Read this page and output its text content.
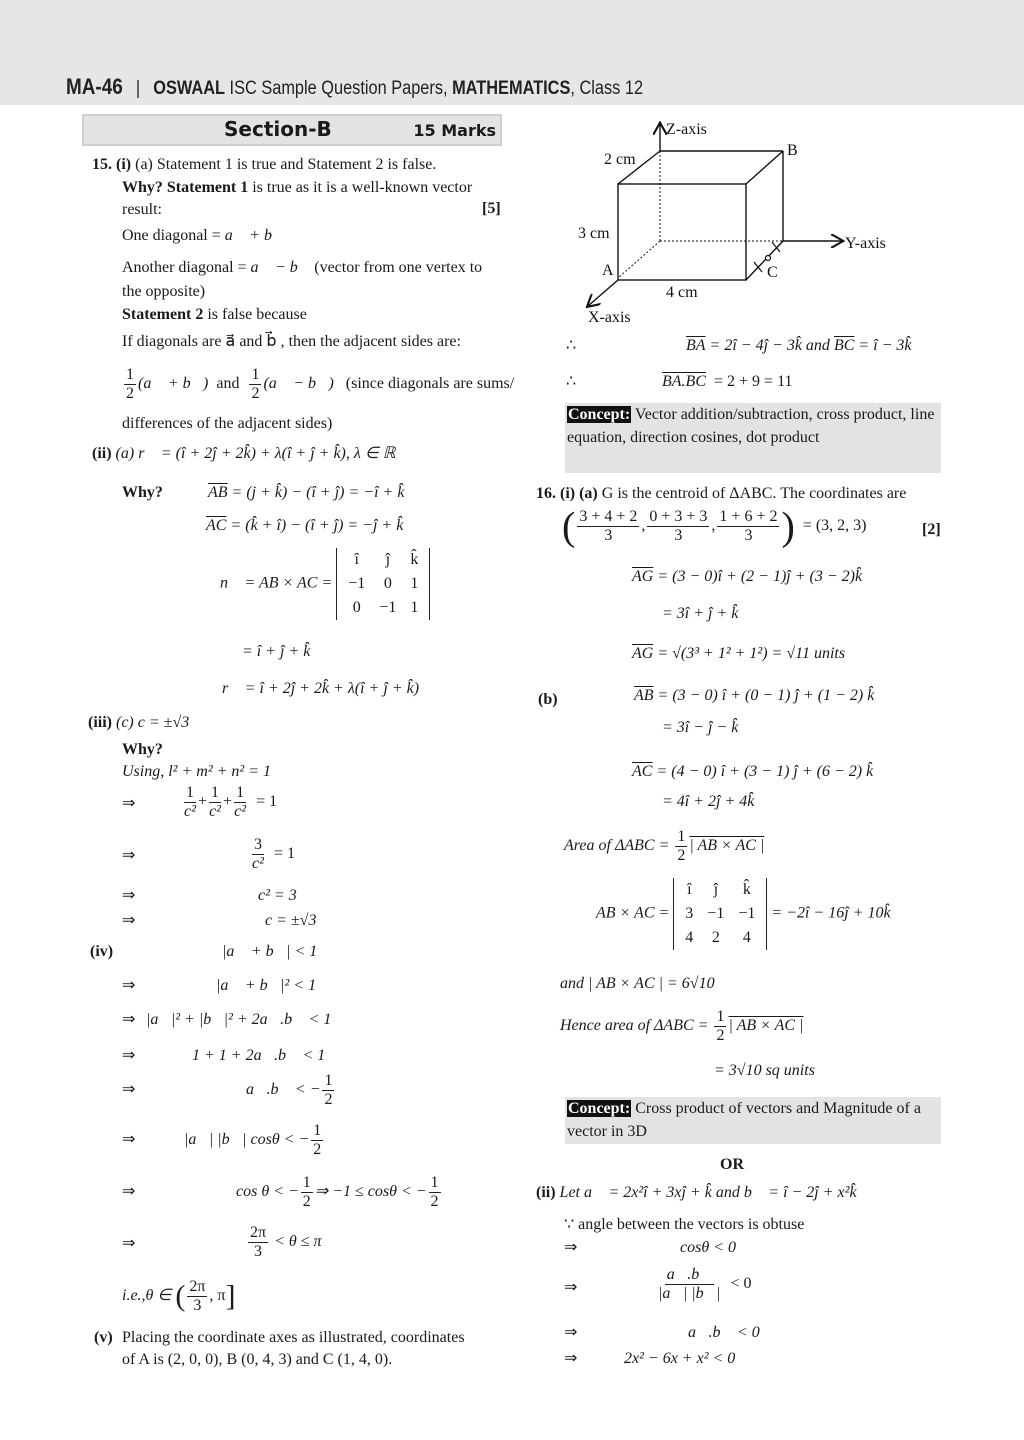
MA-46 | OSWAAL ISC Sample Question Papers, MATHEMATICS, Class 12
Section-B	15 Marks
15. (i) (a) Statement 1 is true and Statement 2 is false.
Why? Statement 1 is true as it is a well-known vector
result:	[5]
One diagonal = a⃗ + b⃗
Another diagonal = a⃗ − b⃗ (vector from one vertex to
the opposite)
Statement 2 is false because
If diagonals are a⃗ and b⃗ , then the adjacent sides are:
$\frac{1}{2}$ (a⃗ + b⃗) and $\frac{1}{2}$ (a⃗ − b⃗) (since diagonals are sums/
differences of the adjacent sides)
(ii) (a) r⃗ = (î + 2ĵ + 2k̂) + λ(î + ĵ + k̂), λ ∈ ℝ
Why?	$\overline{AB} = (j$ + k̂) − (î + ĵ) = −î + k̂
$\overline{AC}$ = (k̂ + î) − (î + ĵ) = −ĵ + k̂
n⃗ = AB × AC =
î	ĵ	k̂
−1	0	1
0	−1	1
= î + ĵ + k̂
r⃗ = î + 2ĵ + 2k̂ + λ(î + ĵ + k̂)
(iii) (c) c = ±√3
Why?
Using, l² + m² + n² = 1
⇒	$\frac{1}{\text{c²}} + \frac{1}{\text{c²}} + \frac{1}{\text{c²}} = 1$
⇒	$\frac{3}{\text{c²}} = 1$
⇒	c² = 3
⇒	c = ±√3
(iv)	|a⃗ + b⃗| < 1
⇒	|a⃗ + b⃗|² < 1
⇒ |a⃗|² + |b⃗|² + 2a⃗.b⃗ < 1
⇒	1 + 1 + 2a⃗.b⃗ < 1
⇒	a⃗.b⃗ < − $\frac{1}{2}$
⇒	|a⃗| |b⃗| cosθ < − $\frac{1}{2}$
⇒	cos θ < − $\frac{1}{2}$ ⇒ −1 ≤ cosθ < − $\frac{1}{2}$
⇒	$\frac{2\pi}{3} < \theta \le \pi$
i.e.,θ ∈ ( $\frac{2\pi}{3}$ , π]
(v) Placing the coordinate axes as illustrated, coordinates
of A is (2, 0, 0), B (0, 4, 3) and C (1, 4, 0).
Z-axis
Y-axis
X-axis
B
A	C
2 cm
3 cm
4 cm
∴	$\overline{BA}$ = 2î − 4ĵ − 3k̂ and $\overline{BC}$ = î − 3k̂
∴	BA.BC = 2 + 9 = 11
Concept: Vector addition/subtraction, cross product, line equation, direction cosines, dot product
16. (i) (a) G is the centroid of ΔABC. The coordinates are
( $\frac{3 + 4 + 2}{3}$ , $\frac{0 + 3 + 3}{3}$ , $\frac{1 + 6 + 2}{3}$ ) = (3, 2, 3)	[2]
$\overline{AG} = (3$ − 0)î + (2 − 1)ĵ + (3 − 2)k̂
= 3î + ĵ + k̂
$\overline{AG} = √(3^3 + 1^2 + 1^2) = √11$ units
(b)	$\overline{AB} = (3 - 0)$ î + (0 − 1) ĵ + (1 − 2) k̂
= 3î − ĵ − k̂
$\overline{AC} = (4 - 0)$ î + (3 − 1) ĵ + (6 − 2) k̂
= 4î + 2ĵ + 4k̂
Area of $\Delta ABC = \frac{1}{2}$ | AB × AC |
AB × AC =
î	ĵ	k̂
3	−1	−1
4	2	4
= −2î − 16ĵ + 10k̂
and | AB × AC | = 6√10
Hence area of $\Delta ABC = \frac{1}{2}$ | AB × AC |
= 3√10 sq units
Concept: Cross product of vectors and Magnitude of a vector in 3D
OR
(ii) Let a⃗ = 2x²î + 3xĵ + k̂ and b⃗ = î − 2ĵ + x²k̂
∵ angle between the vectors is obtuse
⇒	cosθ < 0
⇒	$\frac{a⃗.b⃗}{|a⃗| |b⃗|} < 0$
⇒	a⃗.b⃗ < 0
⇒	2x² − 6x + x² < 0
